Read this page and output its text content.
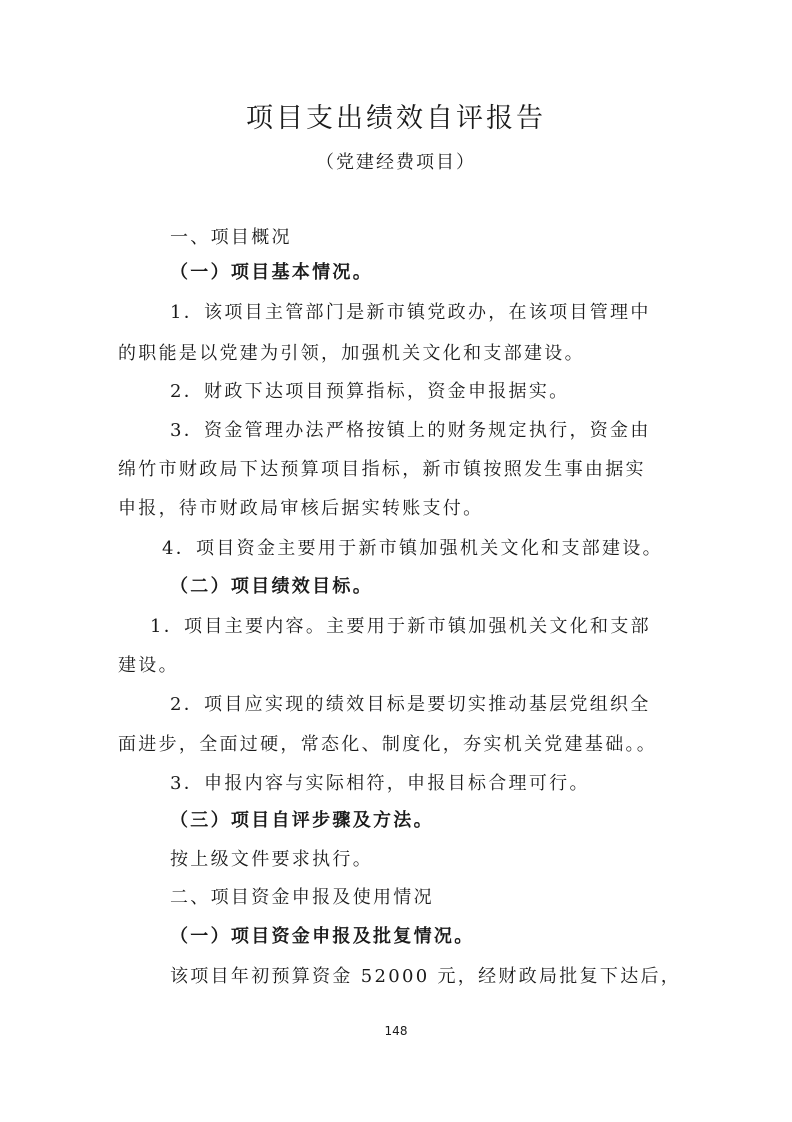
项目支出绩效自评报告
（党建经费项目）
一、项目概况
（一）项目基本情况。
1．该项目主管部门是新市镇党政办，在该项目管理中
的职能是以党建为引领，加强机关文化和支部建设。
2．财政下达项目预算指标，资金申报据实。
3．资金管理办法严格按镇上的财务规定执行，资金由
绵竹市财政局下达预算项目指标，新市镇按照发生事由据实
申报，待市财政局审核后据实转账支付。
4．项目资金主要用于新市镇加强机关文化和支部建设。
（二）项目绩效目标。
1．项目主要内容。主要用于新市镇加强机关文化和支部
建设。
2．项目应实现的绩效目标是要切实推动基层党组织全
面进步，全面过硬，常态化、制度化，夯实机关党建基础。。
3．申报内容与实际相符，申报目标合理可行。
（三）项目自评步骤及方法。
按上级文件要求执行。
二、项目资金申报及使用情况
（一）项目资金申报及批复情况。
该项目年初预算资金 52000 元，经财政局批复下达后，
148
